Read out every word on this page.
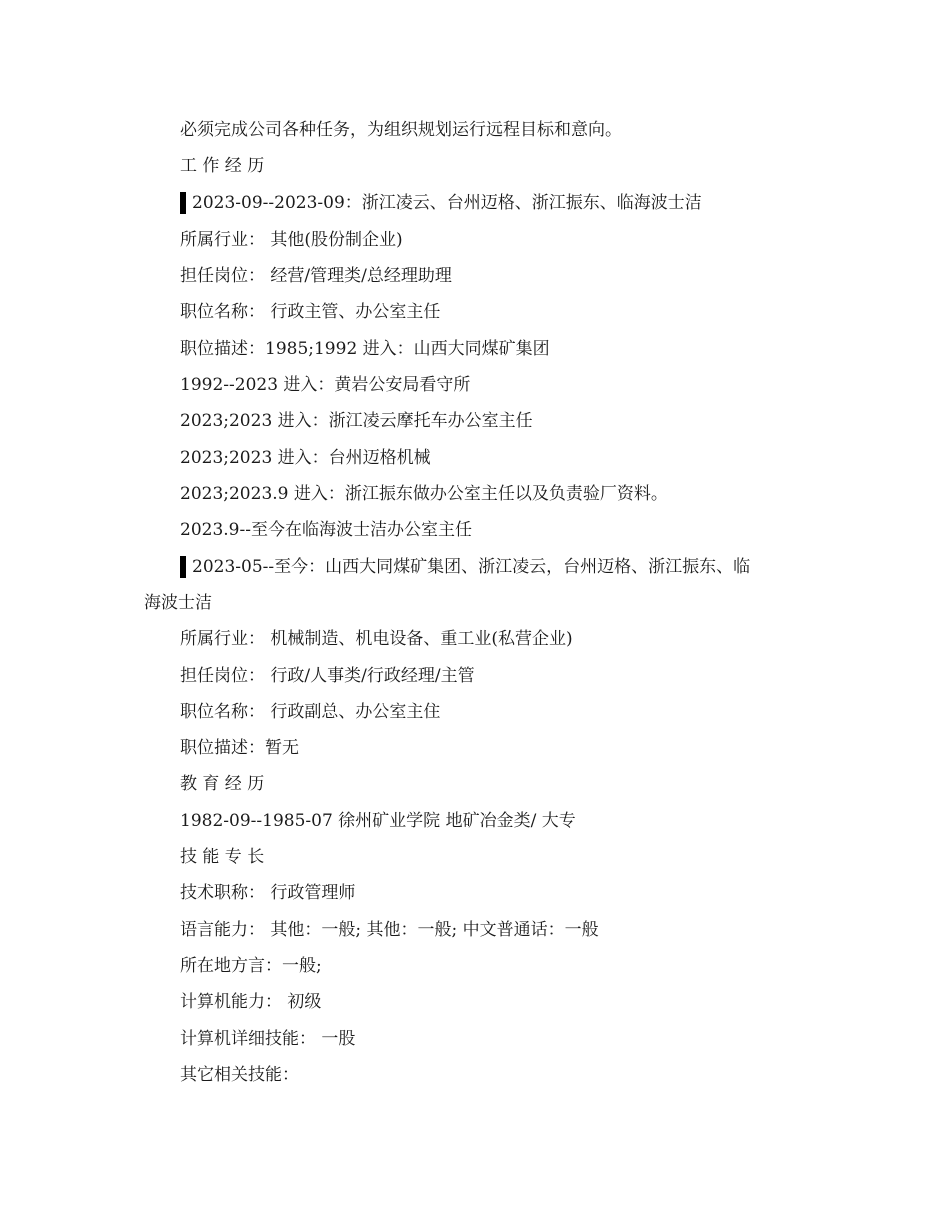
必须完成公司各种任务，为组织规划运行远程目标和意向。
工 作 经 历
2023-09--2023-09：浙江凌云、台州迈格、浙江振东、临海波士洁
所属行业： 其他(股份制企业)
担任岗位： 经营/管理类/总经理助理
职位名称： 行政主管、办公室主任
职位描述：1985;1992 进入：山西大同煤矿集团
1992--2023 进入：黄岩公安局看守所
2023;2023 进入：浙江凌云摩托车办公室主任
2023;2023 进入：台州迈格机械
2023;2023.9 进入：浙江振东做办公室主任以及负责验厂资料。
2023.9--至今在临海波士洁办公室主任
2023-05--至今：山西大同煤矿集团、浙江凌云，台州迈格、浙江振东、临
海波士洁
所属行业： 机械制造、机电设备、重工业(私营企业)
担任岗位： 行政/人事类/行政经理/主管
职位名称： 行政副总、办公室主住
职位描述：暂无
教 育 经 历
1982-09--1985-07 徐州矿业学院 地矿冶金类/ 大专
技 能 专 长
技术职称： 行政管理师
语言能力： 其他：一般; 其他：一般; 中文普通话：一般
所在地方言：一般;
计算机能力： 初级
计算机详细技能： 一股
其它相关技能：
